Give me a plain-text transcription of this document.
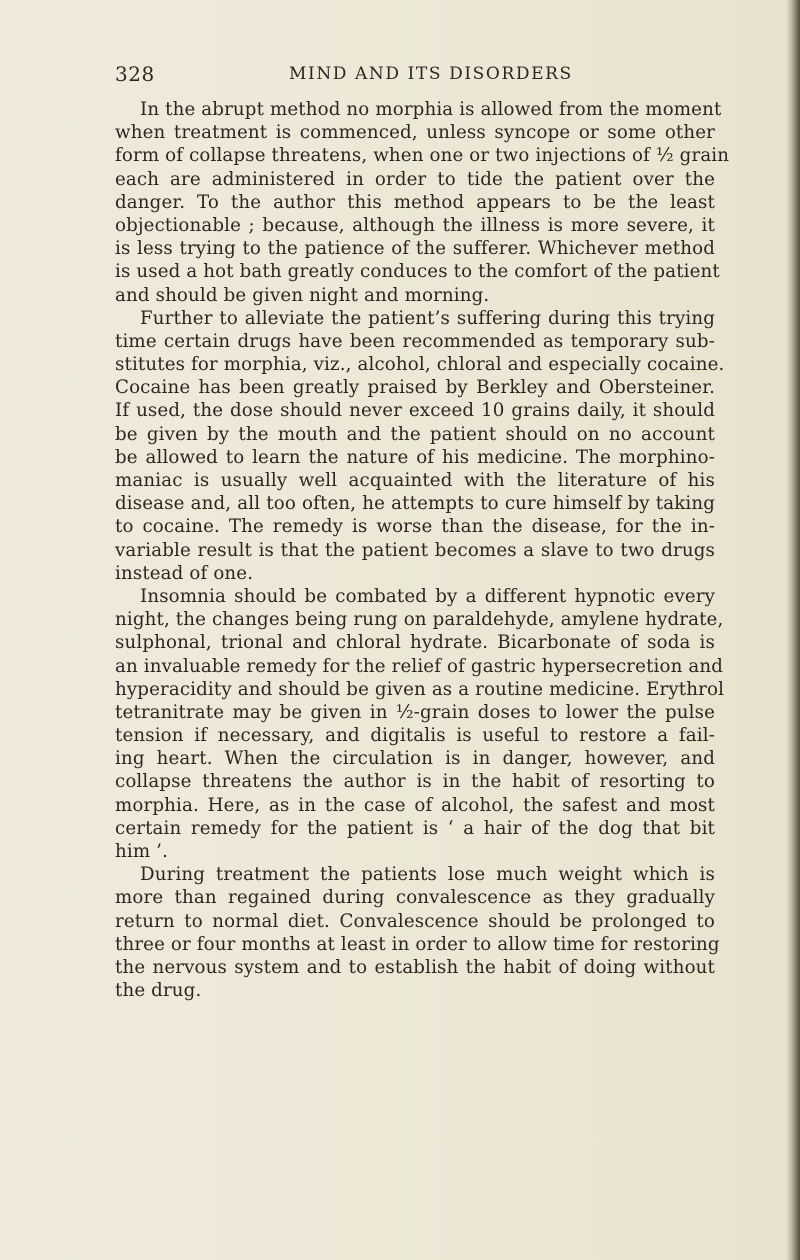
328	MIND AND ITS DISORDERS
In the abrupt method no morphia is allowed from the moment
when treatment is commenced, unless syncope or some other
form of collapse threatens, when one or two injections of ½ grain
each are administered in order to tide the patient over the
danger. To the author this method appears to be the least
objectionable ; because, although the illness is more severe, it
is less trying to the patience of the sufferer. Whichever method
is used a hot bath greatly conduces to the comfort of the patient
and should be given night and morning.
Further to alleviate the patient’s suffering during this trying
time certain drugs have been recommended as temporary sub-
stitutes for morphia, viz., alcohol, chloral and especially cocaine.
Cocaine has been greatly praised by Berkley and Obersteiner.
If used, the dose should never exceed 10 grains daily, it should
be given by the mouth and the patient should on no account
be allowed to learn the nature of his medicine. The morphino-
maniac is usually well acquainted with the literature of his
disease and, all too often, he attempts to cure himself by taking
to cocaine. The remedy is worse than the disease, for the in-
variable result is that the patient becomes a slave to two drugs
instead of one.
Insomnia should be combated by a different hypnotic every
night, the changes being rung on paraldehyde, amylene hydrate,
sulphonal, trional and chloral hydrate. Bicarbonate of soda is
an invaluable remedy for the relief of gastric hypersecretion and
hyperacidity and should be given as a routine medicine. Erythrol
tetranitrate may be given in ½-grain doses to lower the pulse
tension if necessary, and digitalis is useful to restore a fail-
ing heart. When the circulation is in danger, however, and
collapse threatens the author is in the habit of resorting to
morphia. Here, as in the case of alcohol, the safest and most
certain remedy for the patient is ‘ a hair of the dog that bit
him ’.
During treatment the patients lose much weight which is
more than regained during convalescence as they gradually
return to normal diet. Convalescence should be prolonged to
three or four months at least in order to allow time for restoring
the nervous system and to establish the habit of doing without
the drug.
